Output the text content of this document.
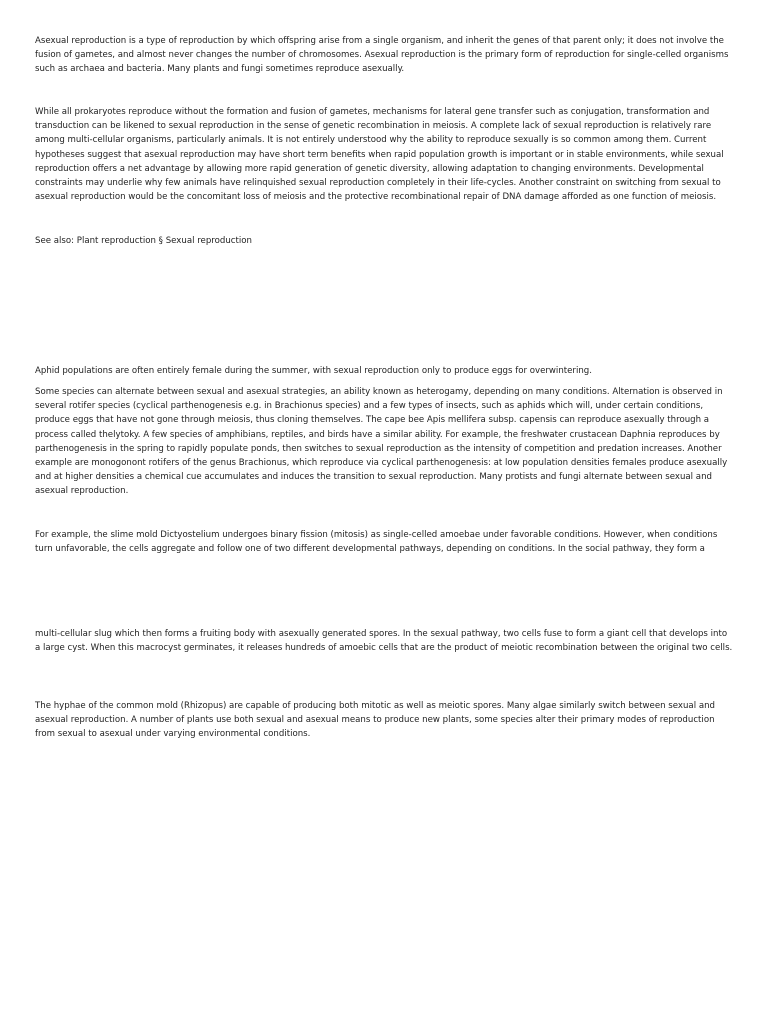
Asexual reproduction is a type of reproduction by which offspring arise from a single organism, and inherit the genes of that parent only; it does not involve the fusion of gametes, and almost never changes the number of chromosomes. Asexual reproduction is the primary form of reproduction for single-celled organisms such as archaea and bacteria. Many plants and fungi sometimes reproduce asexually.

While all prokaryotes reproduce without the formation and fusion of gametes, mechanisms for lateral gene transfer such as conjugation, transformation and transduction can be likened to sexual reproduction in the sense of genetic recombination in meiosis. A complete lack of sexual reproduction is relatively rare among multi-cellular organisms, particularly animals. It is not entirely understood why the ability to reproduce sexually is so common among them. Current hypotheses suggest that asexual reproduction may have short term benefits when rapid population growth is important or in stable environments, while sexual reproduction offers a net advantage by allowing more rapid generation of genetic diversity, allowing adaptation to changing environments. Developmental constraints may underlie why few animals have relinquished sexual reproduction completely in their life-cycles. Another constraint on switching from sexual to asexual reproduction would be the concomitant loss of meiosis and the protective recombinational repair of DNA damage afforded as one function of meiosis.

See also: Plant reproduction § Sexual reproduction

Aphid populations are often entirely female during the summer, with sexual reproduction only to produce eggs for overwintering.

Some species can alternate between sexual and asexual strategies, an ability known as heterogamy, depending on many conditions. Alternation is observed in several rotifer species (cyclical parthenogenesis e.g. in Brachionus species) and a few types of insects, such as aphids which will, under certain conditions, produce eggs that have not gone through meiosis, thus cloning themselves. The cape bee Apis mellifera subsp. capensis can reproduce asexually through a process called thelytoky. A few species of amphibians, reptiles, and birds have a similar ability. For example, the freshwater crustacean Daphnia reproduces by parthenogenesis in the spring to rapidly populate ponds, then switches to sexual reproduction as the intensity of competition and predation increases. Another example are monogonont rotifers of the genus Brachionus, which reproduce via cyclical parthenogenesis: at low population densities females produce asexually and at higher densities a chemical cue accumulates and induces the transition to sexual reproduction. Many protists and fungi alternate between sexual and asexual reproduction.

For example, the slime mold Dictyostelium undergoes binary fission (mitosis) as single-celled amoebae under favorable conditions. However, when conditions turn unfavorable, the cells aggregate and follow one of two different developmental pathways, depending on conditions. In the social pathway, they form a

multi-cellular slug which then forms a fruiting body with asexually generated spores. In the sexual pathway, two cells fuse to form a giant cell that develops into a large cyst. When this macrocyst germinates, it releases hundreds of amoebic cells that are the product of meiotic recombination between the original two cells.

The hyphae of the common mold (Rhizopus) are capable of producing both mitotic as well as meiotic spores. Many algae similarly switch between sexual and asexual reproduction. A number of plants use both sexual and asexual means to produce new plants, some species alter their primary modes of reproduction from sexual to asexual under varying environmental conditions.
